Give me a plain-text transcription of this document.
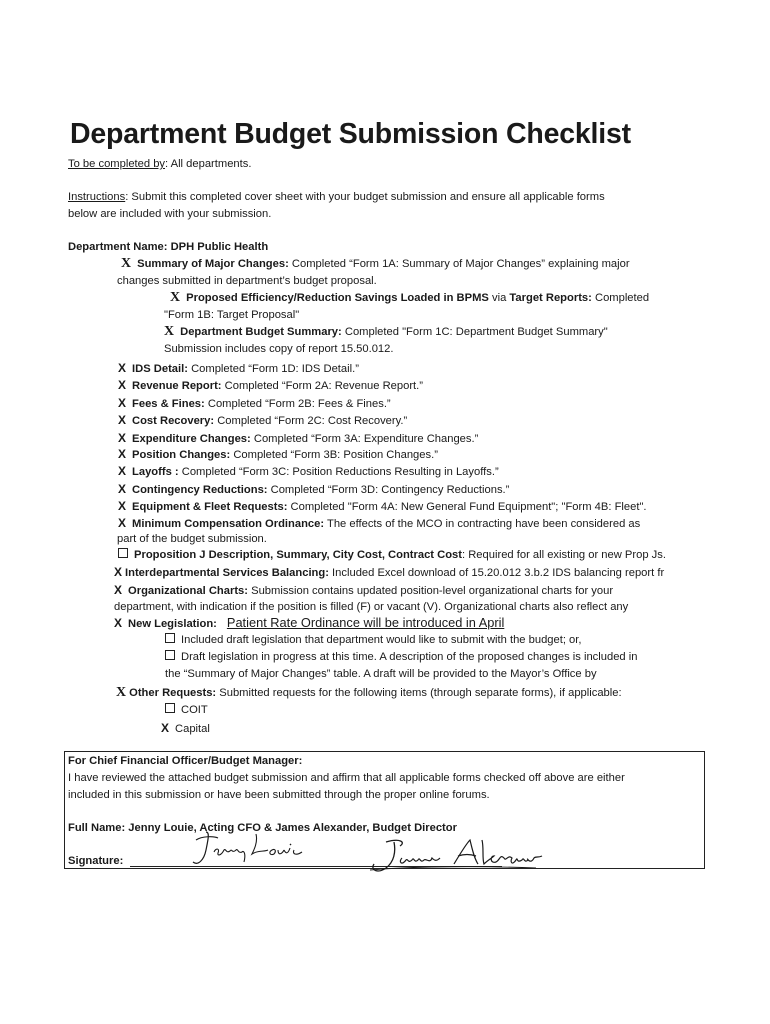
Department Budget Submission Checklist
To be completed by: All departments.
Instructions: Submit this completed cover sheet with your budget submission and ensure all applicable forms
below are included with your submission.
Department Name: DPH Public Health
X Summary of Major Changes: Completed “Form 1A: Summary of Major Changes” explaining major
changes submitted in department’s budget proposal.
X Proposed Efficiency/Reduction Savings Loaded in BPMS via Target Reports: Completed
"Form 1B: Target Proposal"
X Department Budget Summary: Completed "Form 1C: Department Budget Summary"
Submission includes copy of report 15.50.012.
X IDS Detail: Completed “Form 1D: IDS Detail.”
X Revenue Report: Completed “Form 2A: Revenue Report.”
X Fees & Fines: Completed “Form 2B: Fees & Fines.”
X Cost Recovery: Completed “Form 2C: Cost Recovery.”
X Expenditure Changes: Completed “Form 3A: Expenditure Changes.”
X Position Changes: Completed “Form 3B: Position Changes.”
X Layoffs : Completed “Form 3C: Position Reductions Resulting in Layoffs.”
X Contingency Reductions: Completed “Form 3D: Contingency Reductions.”
X Equipment & Fleet Requests: Completed "Form 4A: New General Fund Equipment"; "Form 4B: Fleet".
X Minimum Compensation Ordinance: The effects of the MCO in contracting have been considered as
part of the budget submission.
Proposition J Description, Summary, City Cost, Contract Cost: Required for all existing or new Prop Js.
X Interdepartmental Services Balancing: Included Excel download of 15.20.012 3.b.2 IDS balancing report fr
X Organizational Charts: Submission contains updated position-level organizational charts for your
department, with indication if the position is filled (F) or vacant (V). Organizational charts also reflect any
X New Legislation: Patient Rate Ordinance will be introduced in April
Included draft legislation that department would like to submit with the budget; or,
Draft legislation in progress at this time. A description of the proposed changes is included in
the “Summary of Major Changes” table. A draft will be provided to the Mayor’s Office by
X Other Requests: Submitted requests for the following items (through separate forms), if applicable:
COIT
X Capital
For Chief Financial Officer/Budget Manager:
I have reviewed the attached budget submission and affirm that all applicable forms checked off above are either
included in this submission or have been submitted through the proper online forums.
Full Name: Jenny Louie, Acting CFO & James Alexander, Budget Director
Signature:
